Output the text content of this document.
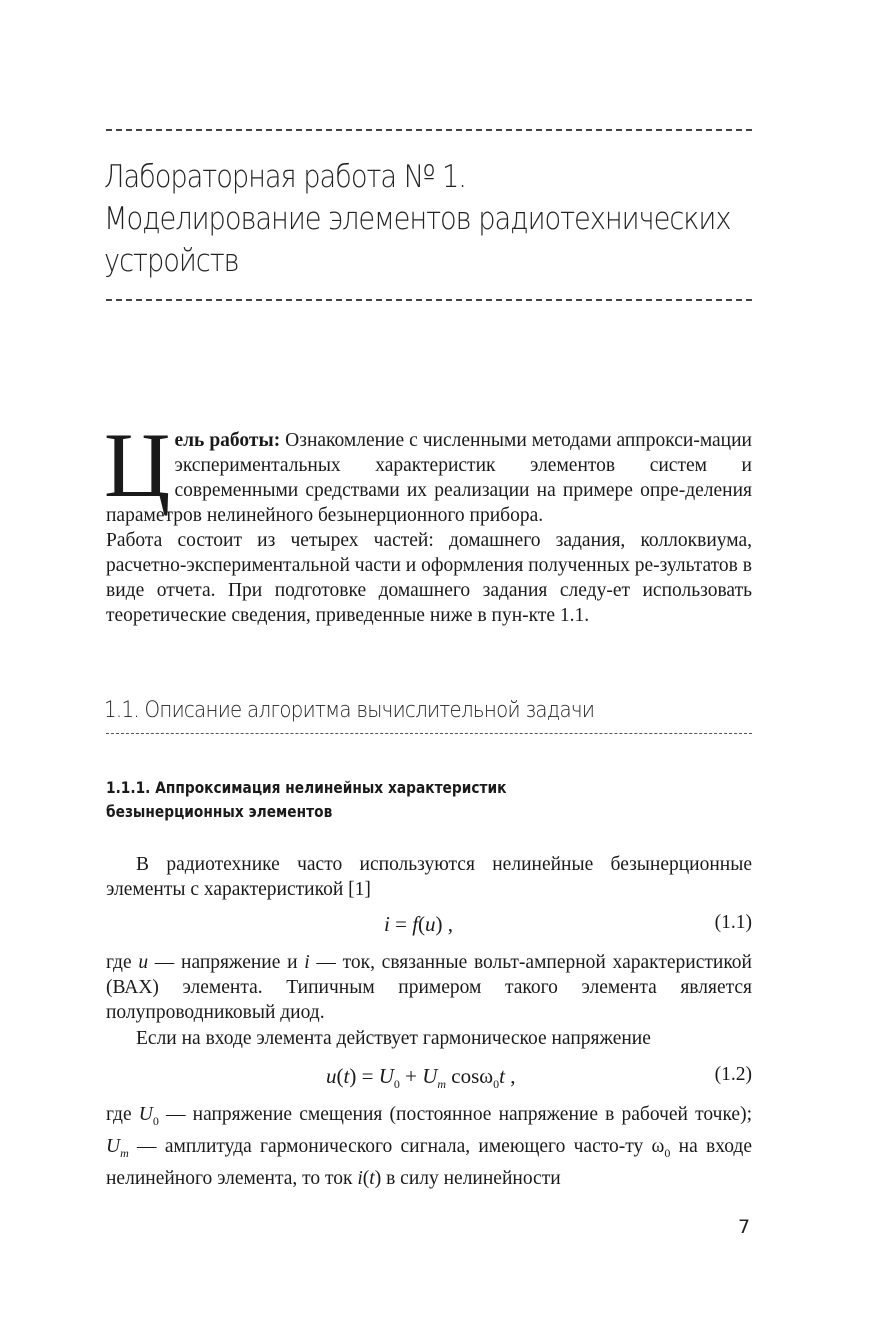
Лабораторная работа № 1.
Моделирование элементов радиотехнических
устройств
Ц ель работы: Ознакомление с численными методами аппрокси-мации экспериментальных характеристик элементов систем и современными средствами их реализации на примере опре-деления параметров нелинейного безынерционного прибора.
Работа состоит из четырех частей: домашнего задания, коллоквиума, расчетно-экспериментальной части и оформления полученных ре-зультатов в виде отчета. При подготовке домашнего задания следу-ет использовать теоретические сведения, приведенные ниже в пун-кте 1.1.
1.1. Описание алгоритма вычислительной задачи
1.1.1. Аппроксимация нелинейных характеристик
безынерционных элементов
В радиотехнике часто используются нелинейные безынерционные элементы с характеристикой [1]
i = f(u) ,	(1.1)
где u — напряжение и i — ток, связанные вольт-амперной характеристикой (ВАХ) элемента. Типичным примером такого элемента является полупроводниковый диод.
Если на входе элемента действует гармоническое напряжение
$u(t) = U_0 + U_m$ cosω$_0$t ,	(1.2)
где $U_0$ — напряжение смещения (постоянное напряжение в рабочей точке); $U_m$ — амплитуда гармонического сигнала, имеющего часто-ту $\omega_0$ на входе нелинейного элемента, то ток i(t) в силу нелинейности
7
